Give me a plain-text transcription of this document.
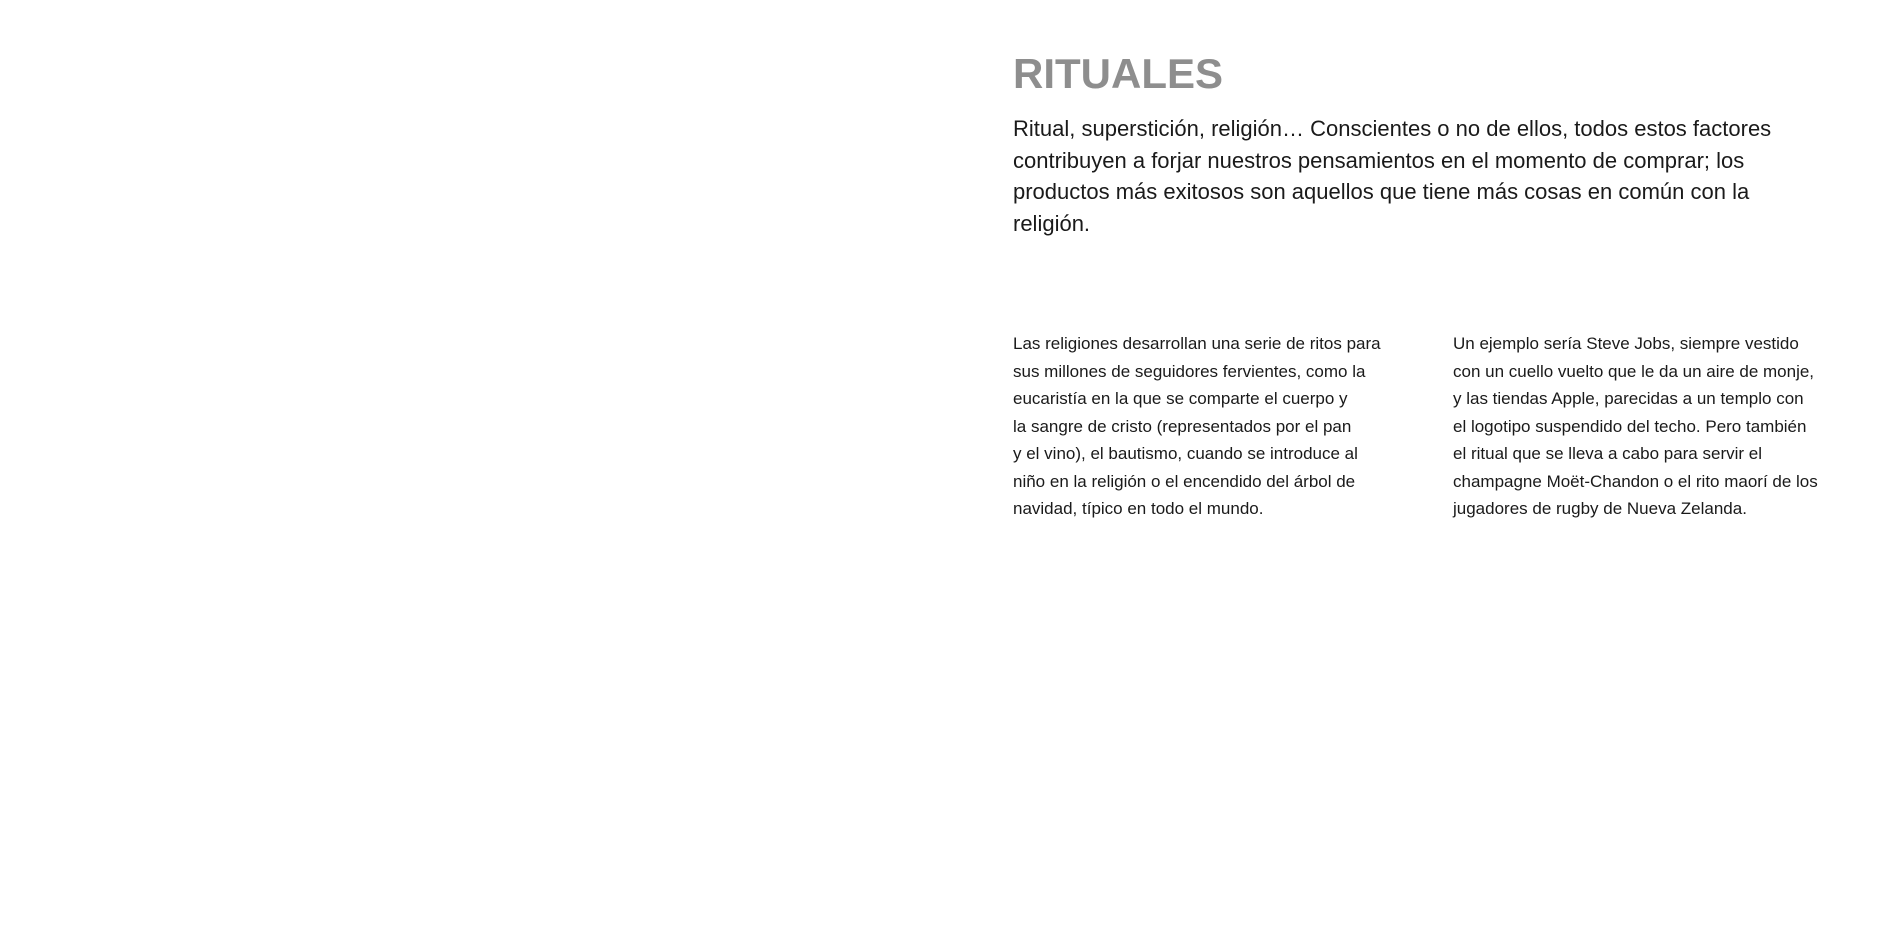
RITUALES

Ritual, superstición, religión… Conscientes o no de ellos, todos estos factores
contribuyen a forjar nuestros pensamientos en el momento de comprar; los
productos más exitosos son aquellos que tiene más cosas en común con la
religión.

Las religiones desarrollan una serie de ritos para
sus millones de seguidores fervientes, como la
eucaristía en la que se comparte el cuerpo y
la sangre de cristo (representados por el pan
y el vino), el bautismo, cuando se introduce al
niño en la religión o el encendido del árbol de
navidad, típico en todo el mundo.

Un ejemplo sería Steve Jobs, siempre vestido
con un cuello vuelto que le da un aire de monje,
y las tiendas Apple, parecidas a un templo con
el logotipo suspendido del techo. Pero también
el ritual que se lleva a cabo para servir el
champagne Moët-Chandon o el rito maorí de los
jugadores de rugby de Nueva Zelanda.
